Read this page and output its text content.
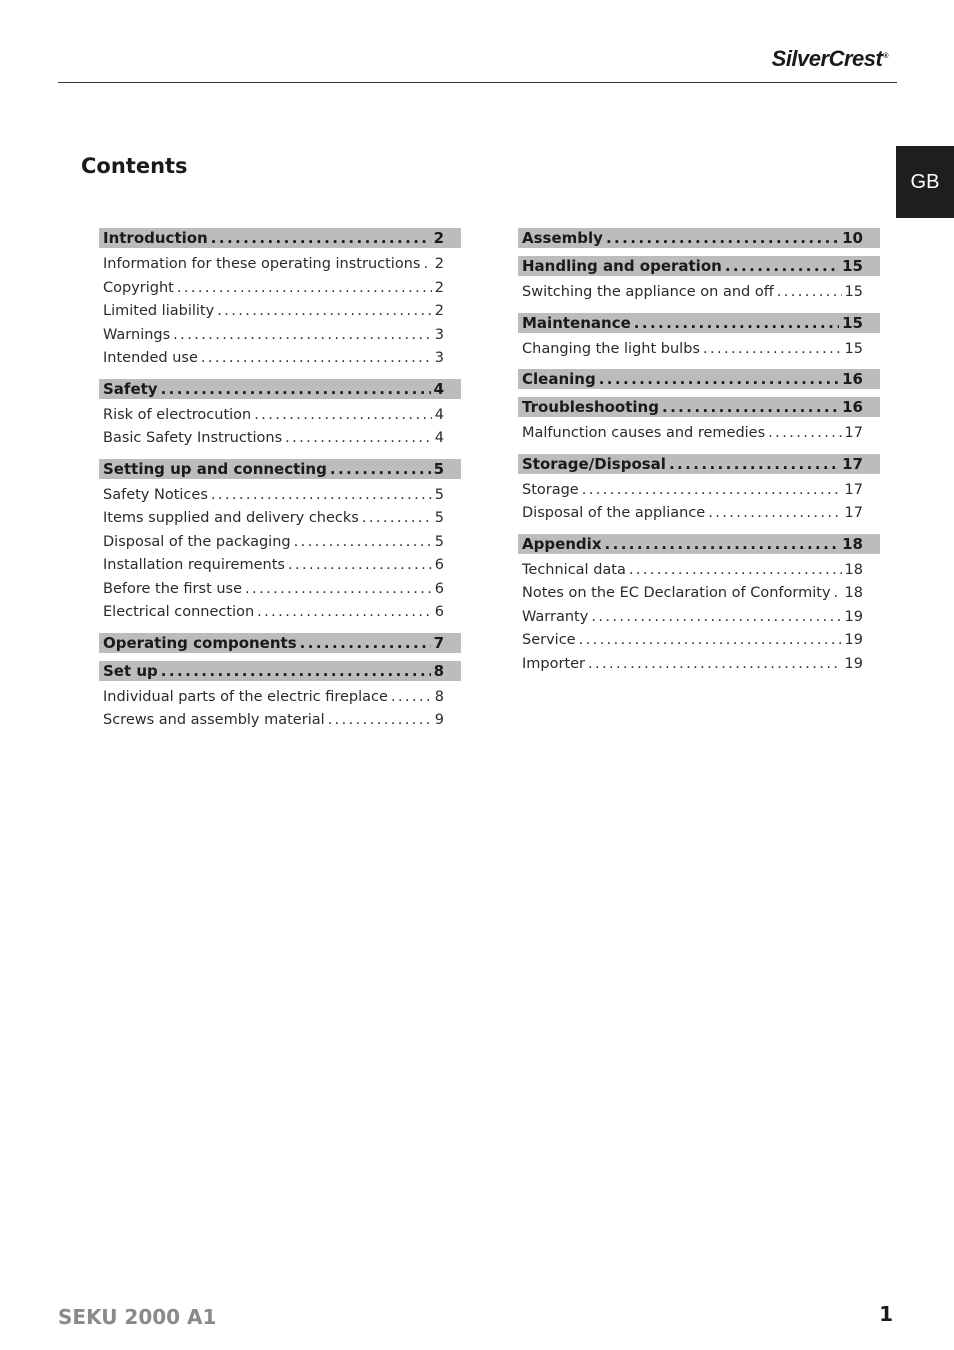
SilverCrest®
GB
Contents
Introduction .....	2
Information for these operating instructions ..... 2
Copyright .....	2
Limited liability .....	2
Warnings .....	3
Intended use .....	3
Safety .....	4
Risk of electrocution .....	4
Basic Safety Instructions .....	4
Setting up and connecting .....	5
Safety Notices .....	5
Items supplied and delivery checks .....	5
Disposal of the packaging .....	5
Installation requirements .....	6
Before the first use .....	6
Electrical connection .....	6
Operating components .....	7
Set up .....	8
Individual parts of the electric fireplace .....	8
Screws and assembly material .....	9
Assembly .....	10
Handling and operation .....	15
Switching the appliance on and off .....	15
Maintenance .....	15
Changing the light bulbs .....	15
Cleaning .....	16
Troubleshooting .....	16
Malfunction causes and remedies .....	17
Storage/Disposal .....	17
Storage .....	17
Disposal of the appliance .....	17
Appendix .....	18
Technical data .....	18
Notes on the EC Declaration of Conformity ..... 18
Warranty .....	19
Service .....	19
Importer .....	19
SEKU 2000 A1	1
